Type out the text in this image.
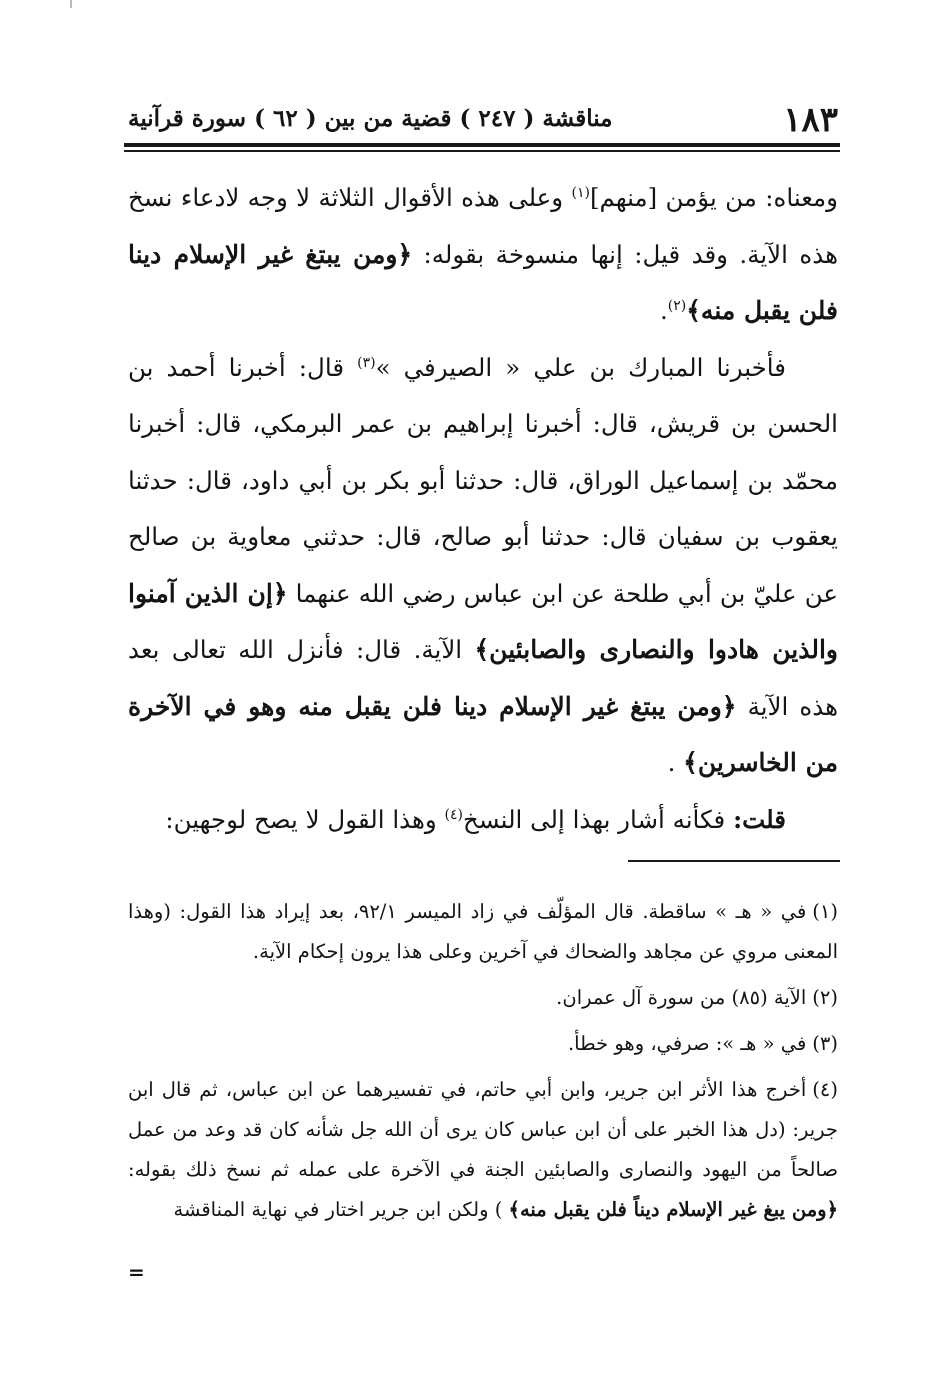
١٨٣
مناقشة ( ٢٤٧ ) قضية من بين ( ٦٢ ) سورة قرآنية

ومعناه: من يؤمن [منهم]$^{(١)}$ وعلى هذه الأقوال الثلاثة لا وجه لادعاء نسخ هذه الآية. وقد قيل: إنها منسوخة بقوله: ﴿ومن يبتغ غير الإسلام دينا فلن يقبل منه﴾$^{(٢)}$.

فأخبرنا المبارك بن علي « الصيرفي »$^{(٣)}$ قال: أخبرنا أحمد بن الحسن بن قريش، قال: أخبرنا إبراهيم بن عمر البرمكي، قال: أخبرنا محمّد بن إسماعيل الوراق، قال: حدثنا أبو بكر بن أبي داود، قال: حدثنا يعقوب بن سفيان قال: حدثنا أبو صالح، قال: حدثني معاوية بن صالح عن عليّ بن أبي طلحة عن ابن عباس رضي الله عنهما ﴿إن الذين آمنوا والذين هادوا والنصارى والصابئين﴾ الآية. قال: فأنزل الله تعالى بعد هذه الآية ﴿ومن يبتغ غير الإسلام دينا فلن يقبل منه وهو في الآخرة من الخاسرين﴾ .

قلت: فكأنه أشار بهذا إلى النسخ$^{(٤)}$ وهذا القول لا يصح لوجهين:

(١)في « هـ » ساقطة. قال المؤلّف في زاد الميسر ٩٢/١، بعد إيراد هذا القول: (وهذا المعنى مروي عن مجاهد والضحاك في آخرين وعلى هذا يرون إحكام الآية.

(٢)الآية (٨٥) من سورة آل عمران.

(٣)في « هـ »: صرفي، وهو خطأ.

(٤)أخرج هذا الأثر ابن جرير، وابن أبي حاتم، في تفسيرهما عن ابن عباس، ثم قال ابن جرير: (دل هذا الخبر على أن ابن عباس كان يرى أن الله جل شأنه كان قد وعد من عمل صالحاً من اليهود والنصارى والصابئين الجنة في الآخرة على عمله ثم نسخ ذلك بقوله: ﴿ومن يبغ غير الإسلام ديناً فلن يقبل منه﴾ ) ولكن ابن جرير اختار في نهاية المناقشة

=
